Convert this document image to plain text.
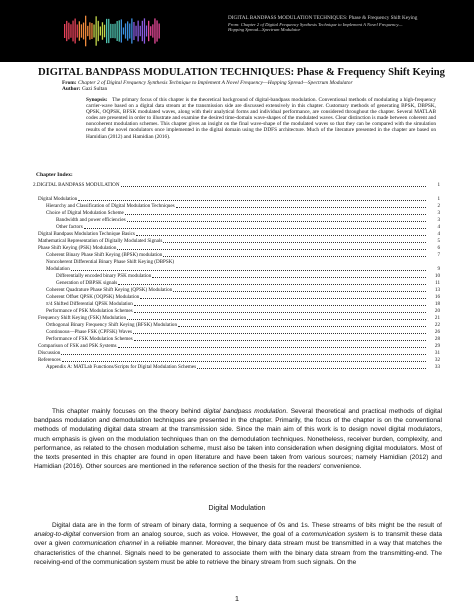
DIGITAL BANDPASS MODULATION TECHNIQUES: Phase & Frequency Shift Keying
From: Chapter 2 of Digital Frequency Synthesis Technique to Implement A Novel Frequency—
Hopping Spread—Spectrum Modulator
DIGITAL BANDPASS MODULATION TECHNIQUES: Phase & Frequency Shift Keying
From: Chapter 2 of Digital Frequency Synthesis Technique to Implement A Novel Frequency—Hopping Spread—Spectrum Modulator
Author: Gazi Sultan
Synopsis: The primary focus of this chapter is the theoretical background of digital-bandpass modulation. Conventional methods of modulating a high-frequency carrier-wave based on a digital data stream at the transmission side are discussed extensively in this chapter. Customary methods of generating BPSK, DBPSK, QPSK, OQPSK, BFSK modulated waves, along with their analytical forms and individual performance, are considered throughout the chapter. Several MATLAB codes are presented in order to illustrate and examine the desired time-domain wave-shapes of the modulated waves. Clear distinction is made between coherent and noncoherent modulation schemes. This chapter gives an insight on the final wave-shape of the modulated waves so that they can be compared with the simulation results of the novel modulators once implemented in the digital domain using the DDFS architecture. Much of the literature presented in the chapter are based on Hamidian (2012) and Hamidian (2016).
Chapter Index:
2.DIGITAL BANDPASS MODULATION	1
Digital Modulation	1
Hierarchy and Classification of Digital Modulation Techniques	2
Choice of Digital Modulation Scheme	3
Bandwidth and power efficiencies	3
Other factors	4
Digital Bandpass Modulation Technique Basics	4
Mathematical Representation of Digitally Modulated Signals	5
Phase Shift Keying (PSK) Modulation	6
Coherent Binary Phase Shift Keying (BPSK) modulation	7
Noncoherent Differential Binary Phase Shift Keying (DBPSK)
Modulation	9
Differentially encoded binary PSK modulation	10
Generation of DBPSK signals	11
Coherent Quadrature Phase Shift Keying (QPSK) Modulation	13
Coherent Offset QPSK (OQPSK) Modulation	16
π/4 Shifted Differential QPSK Modulation	18
Performance of PSK Modulation Schemes	20
Frequency Shift Keying (FSK) Modulation	21
Orthogonal Binary Frequency Shift Keying (BFSK) Modulation	22
Continuous—Phase FSK (CPFSK) Waves	26
Performance of FSK Modulation Schemes	28
Comparison of FSK and PSK Systems	29
Discussion	31
References	32
Appendix A: MATLab Functions/Scripts for Digital Modulation Schemes	33
This chapter mainly focuses on the theory behind digital bandpass modulation. Several theoretical and practical methods of digital bandpass modulation and demodulation techniques are presented in the chapter. Primarily, the focus of the chapter is on the conventional methods of modulating digital data stream at the transmission side. Since the main aim of this work is to design novel digital modulators, much emphasis is given on the modulation techniques than on the demodulation techniques. Nonetheless, receiver burden, complexity, and performance, as related to the chosen modulation scheme, must also be taken into consideration when designing digital modulators. Most of the texts presented in this chapter are found in open literature and have been taken from various sources; namely Hamidian (2012) and Hamidian (2016). Other sources are mentioned in the reference section of the thesis for the readers' convenience.
Digital Modulation
Digital data are in the form of stream of binary data, forming a sequence of 0s and 1s. These streams of bits might be the result of analog-to-digital conversion from an analog source, such as voice. However, the goal of a communication system is to transmit these data over a given communication channel in a reliable manner. Moreover, the binary data stream must be transmitted in a way that matches the characteristics of the channel. Signals need to be generated to associate them with the binary data stream from the transmitting-end. The receiving-end of the communication system must be able to retrieve the binary stream from such signals. On the
1
